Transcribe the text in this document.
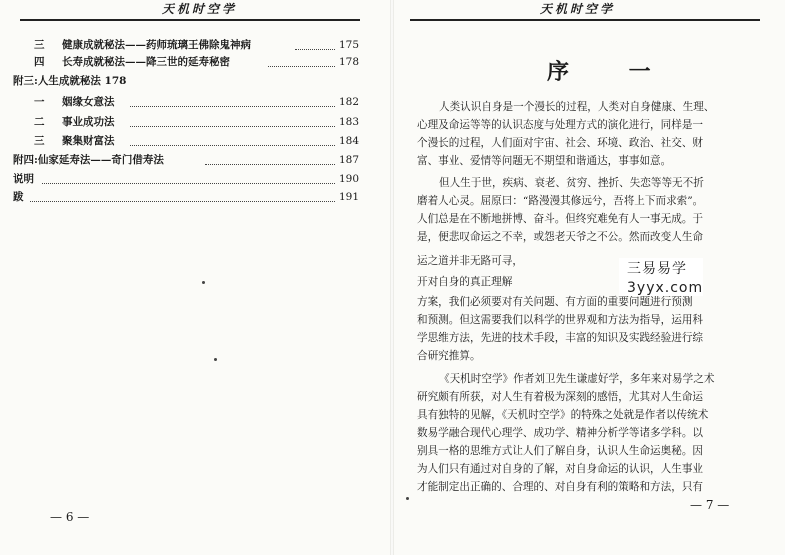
天机时空学	天机时空学
三 健康成就秘法——药师琉璃王佛除鬼神病	175
四 长寿成就秘法——降三世的延寿秘密	178
附三:人生成就秘法 178
一 姻缘女意法	182
二 事业成功法	183
三 聚集财富法	184
附四:仙家延寿法——奇门借寿法	187
说明	190
跋	191
— 6 —
— 7 —
序 一
人类认识自身是一个漫长的过程，人类对自身健康、生理、
心理及命运等等的认识态度与处理方式的演化进行，同样是一
个漫长的过程，人们面对宇宙、社会、环境、政治、社交、财
富、事业、爱情等问题无不期望和谐通达，事事如意。
但人生于世，疾病、衰老、贫穷、挫折、失恋等等无不折
磨着人心灵。屈原曰：“路漫漫其修远兮，吾将上下而求索”。
人们总是在不断地拼博、奋斗。但终究难免有人一事无成。于
是，便悲叹命运之不幸，或怨老天爷之不公。然而改变人生命
运之道并非无路可寻，
开对自身的真正理解
方案，我们必须要对有关问题、有方面的重要问题进行预测
和预测。但这需要我们以科学的世界观和方法为指导，运用科
学思维方法，先进的技术手段，丰富的知识及实践经验进行综
合研究推算。
《天机时空学》作者刘卫先生谦虚好学，多年来对易学之术
研究颇有所获，对人生有着极为深刻的感悟，尤其对人生命运
具有独特的见解，《天机时空学》的特殊之处就是作者以传统术
数易学融合现代心理学、成功学、精神分析学等诸多学科。以
别具一格的思维方式让人们了解自身，认识人生命运奥秘。因
为人们只有通过对自身的了解，对自身命运的认识，人生事业
才能制定出正确的、合理的、对自身有利的策略和方法，只有
三易易学
3yyx.com
